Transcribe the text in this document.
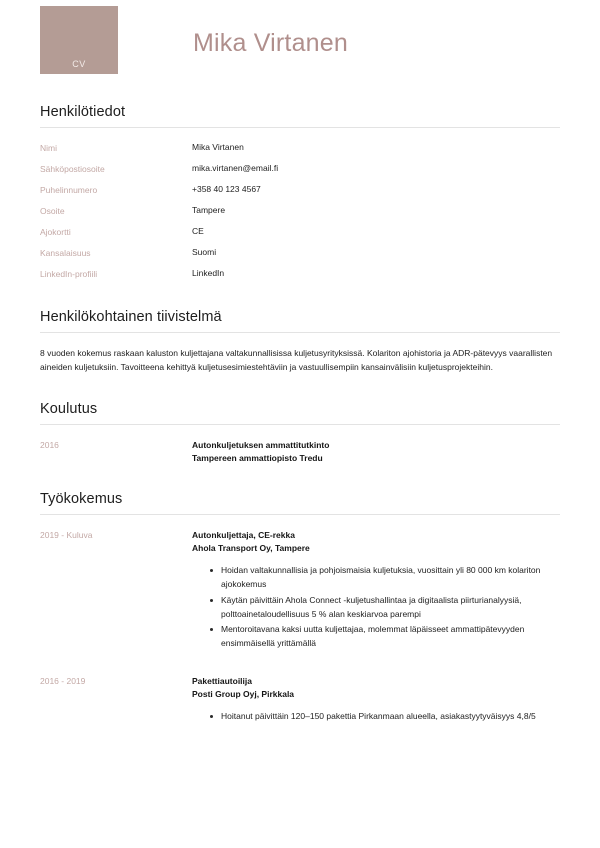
CV
Mika Virtanen
Henkilötiedot
Nimi	Mika Virtanen
Sähköpostiosoite	mika.virtanen@email.fi
Puhelinnumero	+358 40 123 4567
Osoite	Tampere
Ajokortti	CE
Kansalaisuus	Suomi
LinkedIn-profiili	LinkedIn
Henkilökohtainen tiivistelmä

8 vuoden kokemus raskaan kaluston kuljettajana valtakunnallisissa kuljetusyrityksissä. Kolariton ajohistoria ja ADR-pätevyys vaarallisten aineiden kuljetuksiin. Tavoitteena kehittyä kuljetusesimiestehtäviin ja vastuullisempiin kansainvälisiin kuljetusprojekteihin.

Koulutus
2016	Autonkuljetuksen ammattitutkinto
Tampereen ammattiopisto Tredu
Työkokemus
2019 - Kuluva	Autonkuljettaja, CE-rekka
Ahola Transport Oy, Tampere
Hoidan valtakunnallisia ja pohjoismaisia kuljetuksia, vuosittain yli 80 000 km kolariton ajokokemus
Käytän päivittäin Ahola Connect -kuljetushallintaa ja digitaalista piirturianalyysiä, polttoainetaloudellisuus 5 % alan keskiarvoa parempi
Mentoroitavana kaksi uutta kuljettajaa, molemmat läpäisseet ammattipätevyyden ensimmäisellä yrittämällä
2016 - 2019	Pakettiautoilija
Posti Group Oyj, Pirkkala
Hoitanut päivittäin 120–150 pakettia Pirkanmaan alueella, asiakastyytyväisyys 4,8/5
